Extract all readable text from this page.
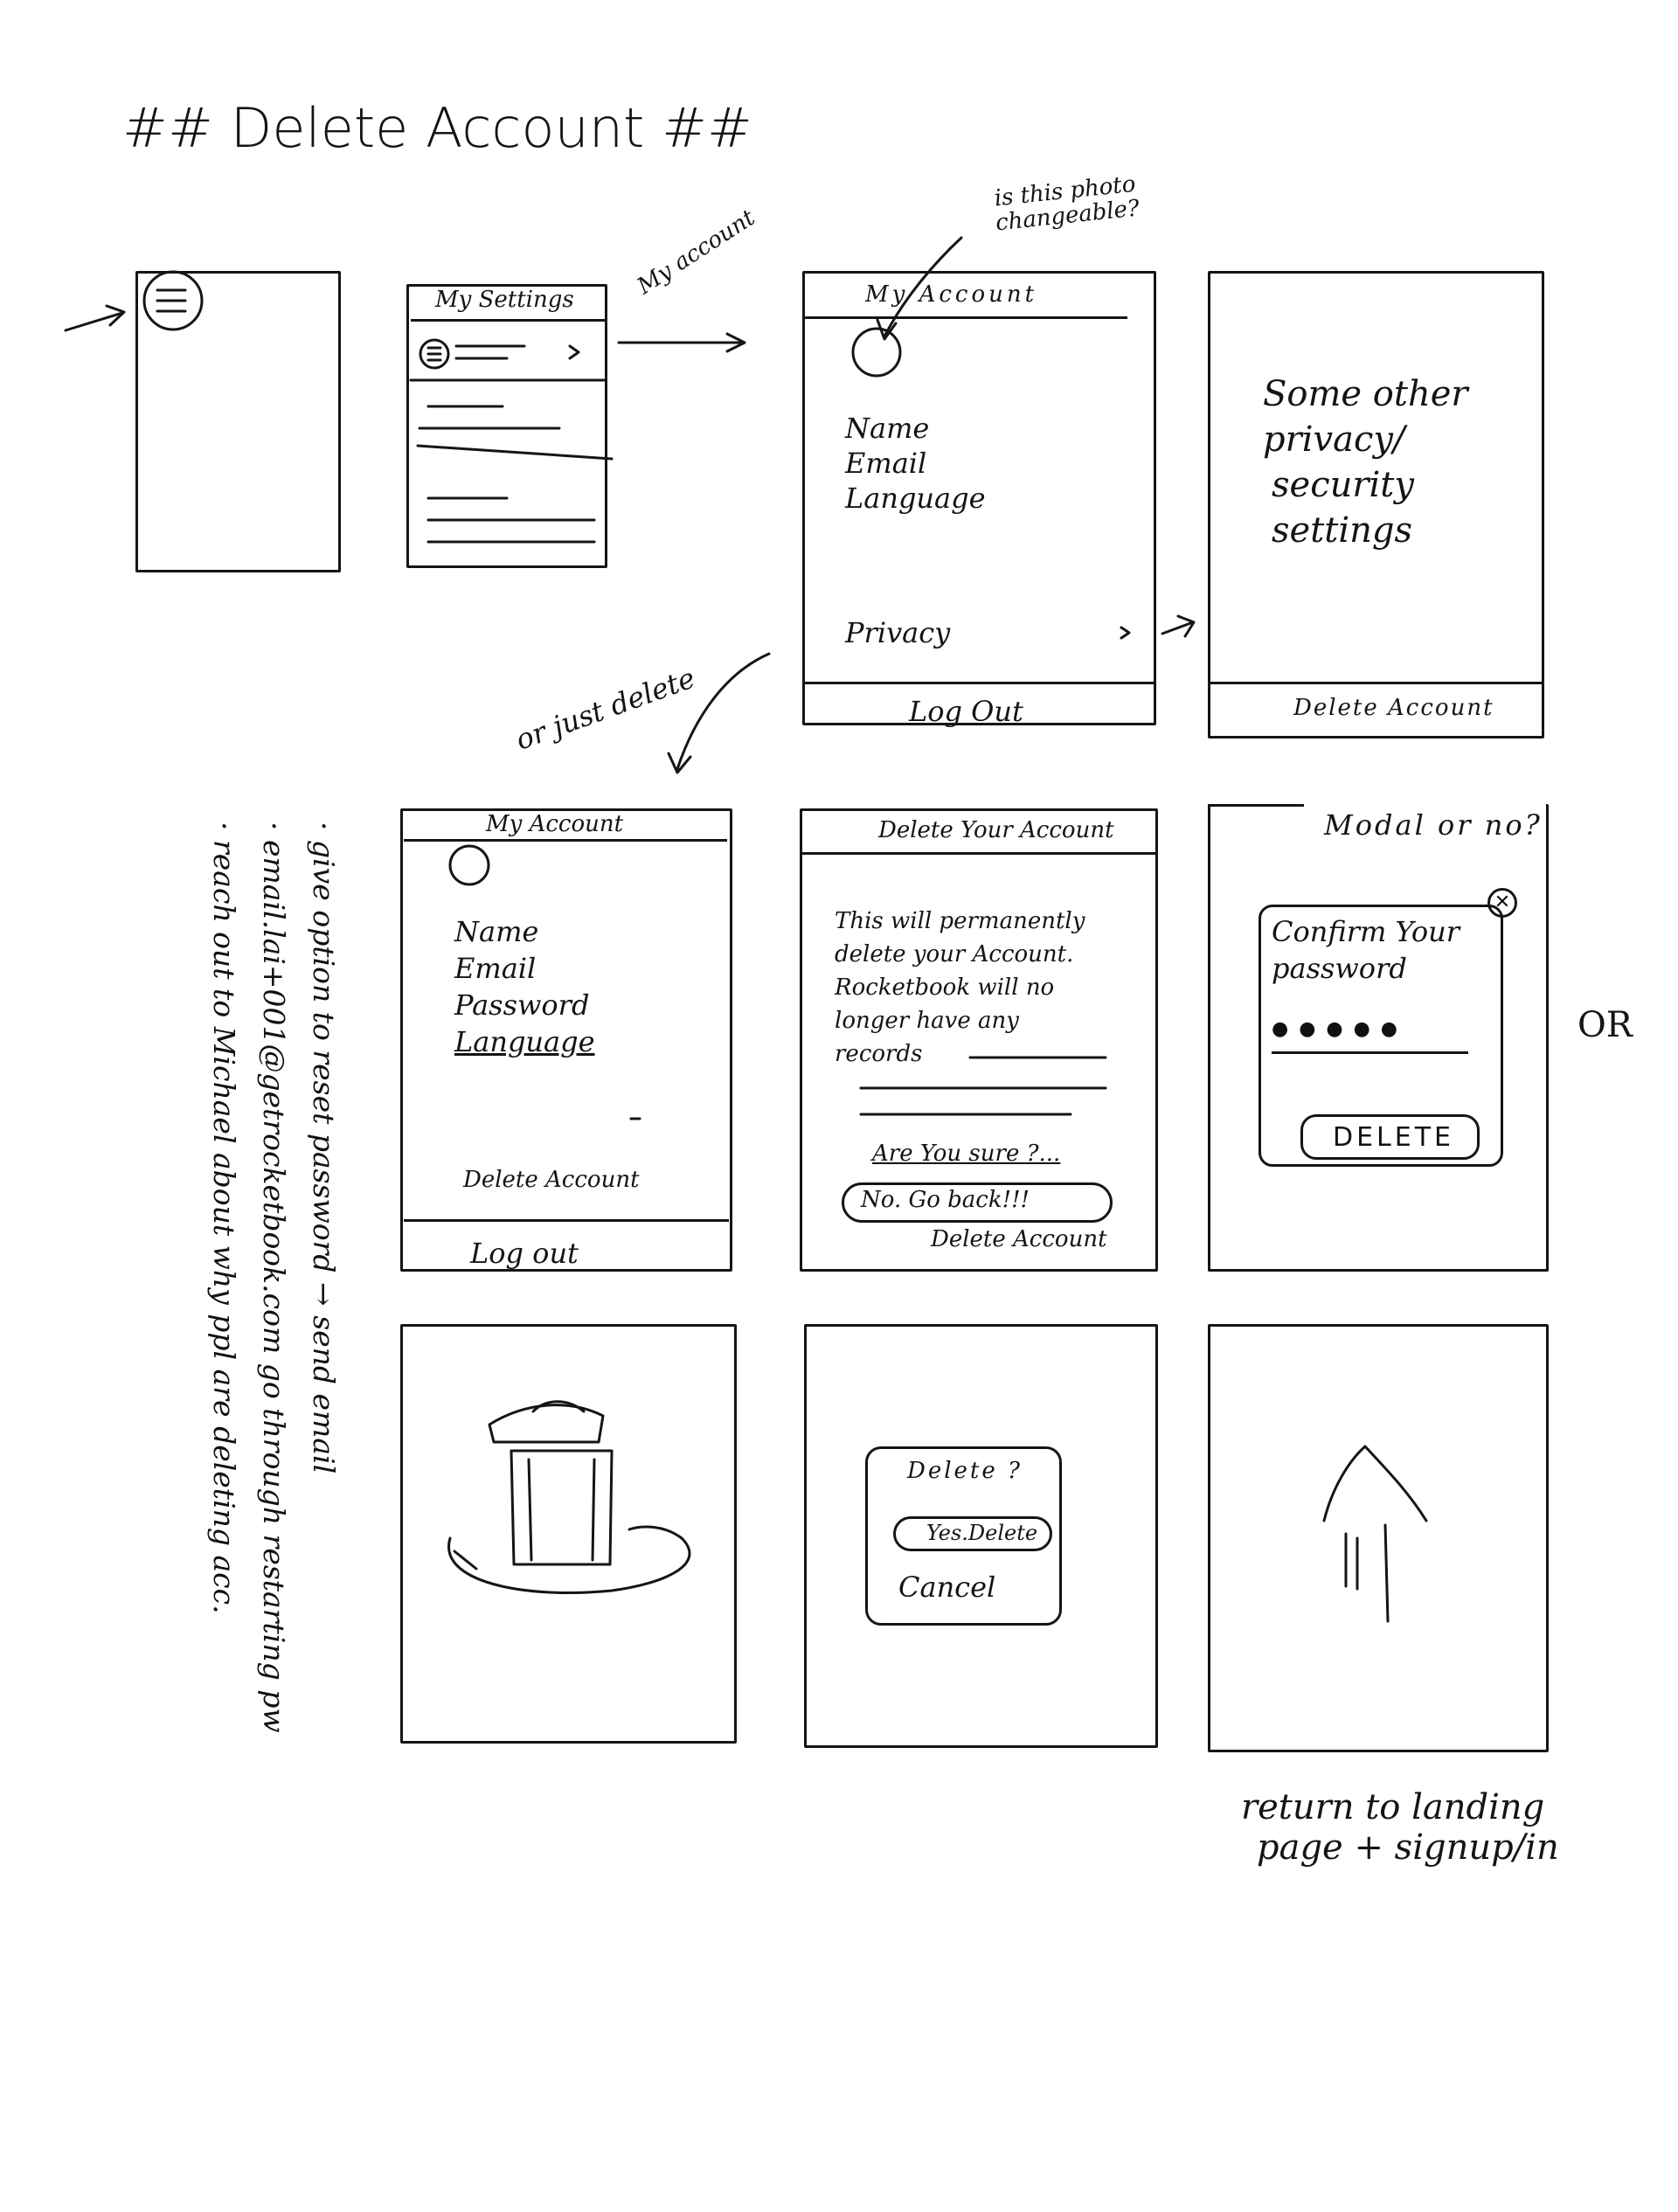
## Delete Account ##
My Settings	My account	My Account
is this photo changeable?
Name
Email
Language
Privacy
Log Out
Some other
privacy/
security
settings
Delete Account
or just delete
My Account
Name
Email
Password
Language
Delete Account
Log out
Delete Your Account
This will permanently
delete your Account.
Rocketbook will no
longer have any
records
Are You sure ?...
No. Go back!!!
Delete Account
Modal or no?
✕
Confirm Your
password
●●●●●
DELETE
OR
Delete ?
Yes.Delete
Cancel
return to landing
page + signup/in
· give option to reset password → send email
· email.lai+001@getrocketbook.com go through restarting pw
· reach out to Michael about why ppl are deleting acc.
